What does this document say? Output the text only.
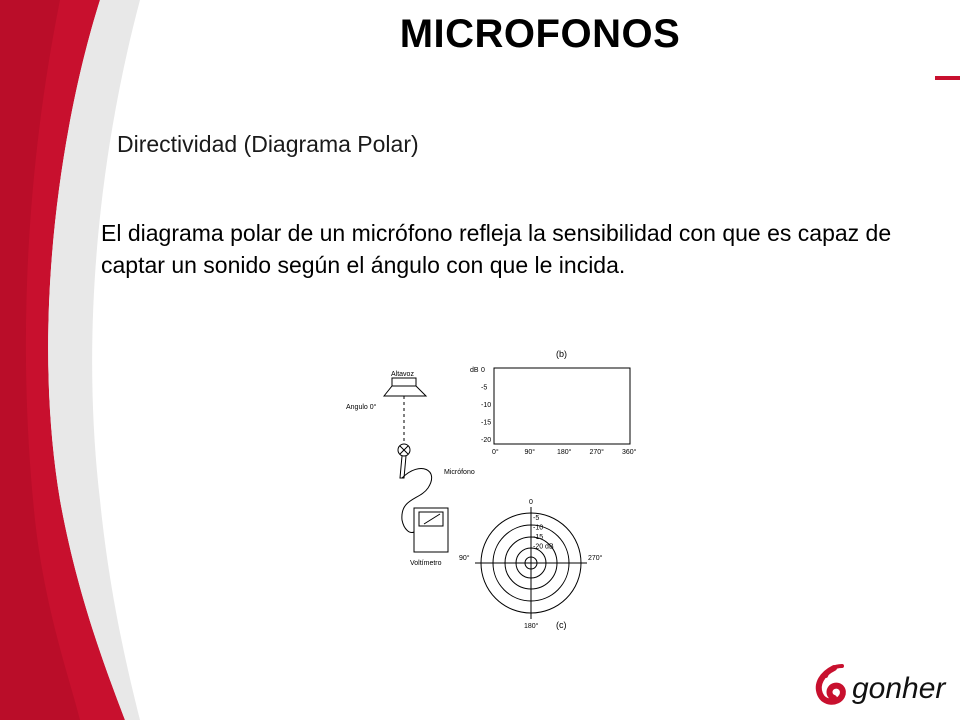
MICROFONOS
Directividad (Diagrama Polar)
El diagrama polar de un micrófono refleja la sensibilidad con que es capaz de captar un sonido según el ángulo con que le incida.
Altavoz
Angulo 0°
Micrófono
Voltímetro
(b)
dB 0
-5
-10
-15
-20
0°	90°	180°	270°	360°
0
-5
-10
-15
-20 dB
90°	270°
180° (c)
gonher
